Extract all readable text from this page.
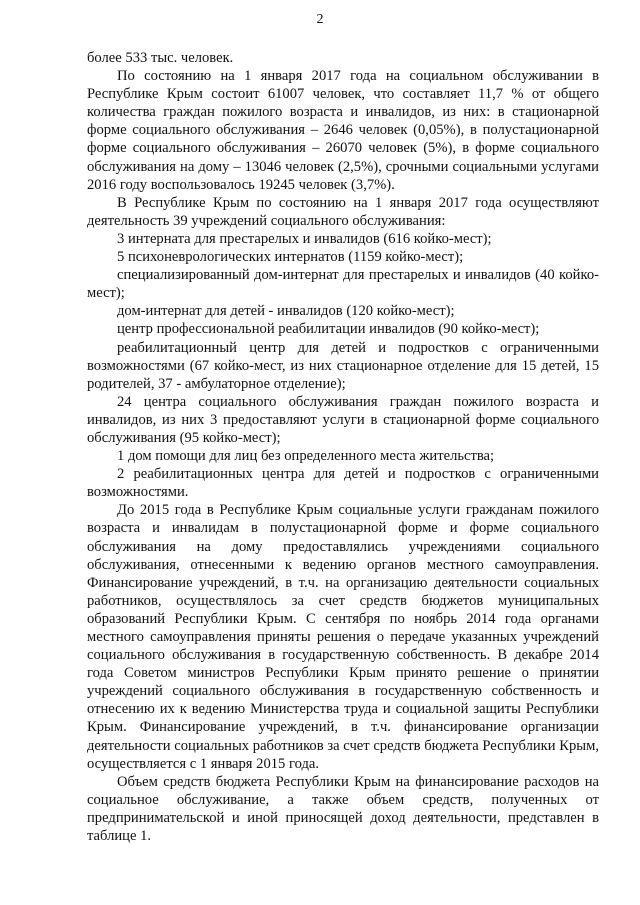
2

более 533 тыс. человек.

По состоянию на 1 января 2017 года на социальном обслуживании в Республике Крым состоит 61007 человек, что составляет 11,7 % от общего количества граждан пожилого возраста и инвалидов, из них: в стационарной форме социального обслуживания – 2646 человек (0,05%), в полустационарной форме социального обслуживания – 26070 человек (5%), в форме социального обслуживания на дому – 13046 человек (2,5%), срочными социальными услугами 2016 году воспользовалось 19245 человек (3,7%).

В Республике Крым по состоянию на 1 января 2017 года осуществляют деятельность 39 учреждений социального обслуживания:

3 интерната для престарелых и инвалидов (616 койко-мест);

5 психоневрологических интернатов (1159 койко-мест);

специализированный дом-интернат для престарелых и инвалидов (40 койко-мест);

дом-интернат для детей - инвалидов (120 койко-мест);

центр профессиональной реабилитации инвалидов (90 койко-мест);

реабилитационный центр для детей и подростков с ограниченными возможностями (67 койко-мест, из них стационарное отделение для 15 детей, 15 родителей, 37 - амбулаторное отделение);

24 центра социального обслуживания граждан пожилого возраста и инвалидов, из них 3 предоставляют услуги в стационарной форме социального обслуживания (95 койко-мест);

1 дом помощи для лиц без определенного места жительства;

2 реабилитационных центра для детей и подростков с ограниченными возможностями.

До 2015 года в Республике Крым социальные услуги гражданам пожилого возраста и инвалидам в полустационарной форме и форме социального обслуживания на дому предоставлялись учреждениями социального обслуживания, отнесенными к ведению органов местного самоуправления. Финансирование учреждений, в т.ч. на организацию деятельности социальных работников, осуществлялось за счет средств бюджетов муниципальных образований Республики Крым. С сентября по ноябрь 2014 года органами местного самоуправления приняты решения о передаче указанных учреждений социального обслуживания в государственную собственность. В декабре 2014 года Советом министров Республики Крым принято решение о принятии учреждений социального обслуживания в государственную собственность и отнесению их к ведению Министерства труда и социальной защиты Республики Крым. Финансирование учреждений, в т.ч. финансирование организации деятельности социальных работников за счет средств бюджета Республики Крым, осуществляется с 1 января 2015 года.

Объем средств бюджета Республики Крым на финансирование расходов на социальное обслуживание, а также объем средств, полученных от предпринимательской и иной приносящей доход деятельности, представлен в таблице 1.
